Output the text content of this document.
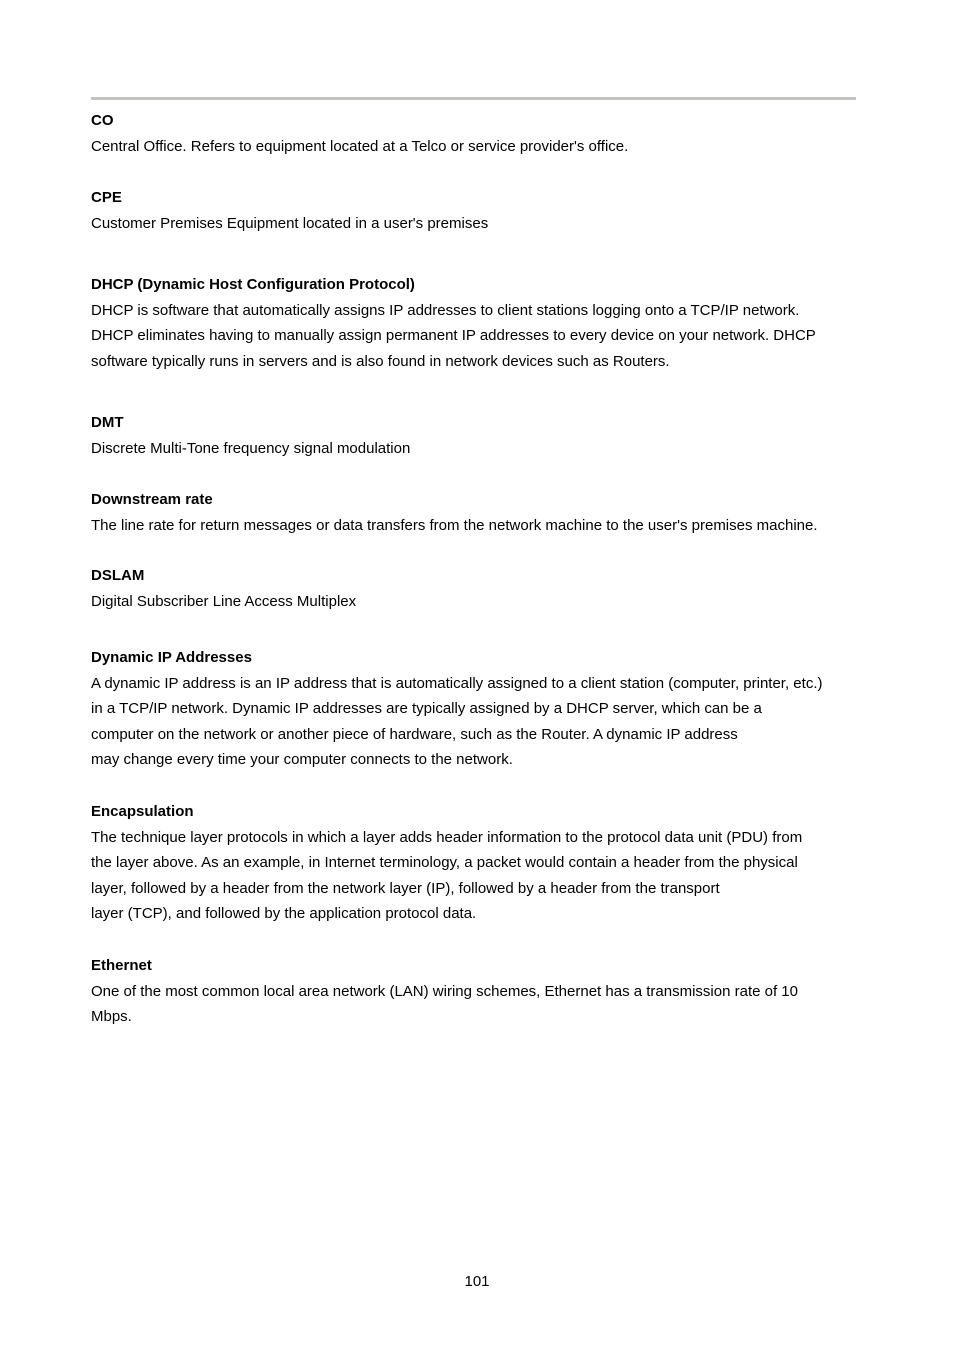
CO
Central Office. Refers to equipment located at a Telco or service provider's office.
CPE
Customer Premises Equipment located in a user's premises
DHCP (Dynamic Host Configuration Protocol)
DHCP is software that automatically assigns IP addresses to client stations logging onto a TCP/IP network.
DHCP eliminates having to manually assign permanent IP addresses to every device on your network. DHCP
software typically runs in servers and is also found in network devices such as Routers.
DMT
Discrete Multi-Tone frequency signal modulation
Downstream rate
The line rate for return messages or data transfers from the network machine to the user's premises machine.
DSLAM
Digital Subscriber Line Access Multiplex
Dynamic IP Addresses
A dynamic IP address is an IP address that is automatically assigned to a client station (computer, printer, etc.)
in a TCP/IP network. Dynamic IP addresses are typically assigned by a DHCP server, which can be a
computer on the network or another piece of hardware, such as the Router. A dynamic IP address
may change every time your computer connects to the network.
Encapsulation
The technique layer protocols in which a layer adds header information to the protocol data unit (PDU) from
the layer above. As an example, in Internet terminology, a packet would contain a header from the physical
layer, followed by a header from the network layer (IP), followed by a header from the transport
layer (TCP), and followed by the application protocol data.
Ethernet
One of the most common local area network (LAN) wiring schemes, Ethernet has a transmission rate of 10
Mbps.
101
